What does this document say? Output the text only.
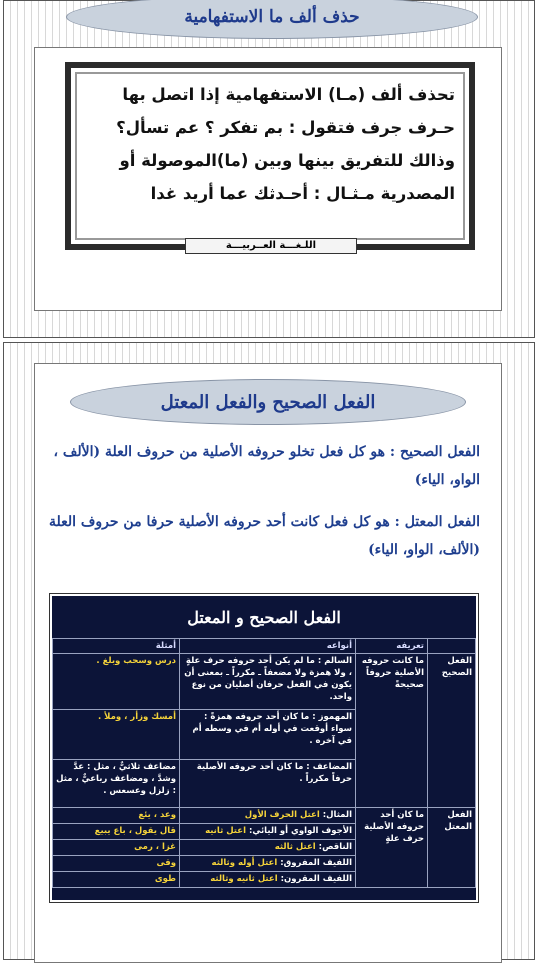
حذف ألف ما الاستفهامية
تحذف ألف (مـا) الاستفهامية إذا اتصل بها
حـرف جرف فتقول : بم تفكر ؟ عم تسأل؟
وذالك للتفريق بينها وبين (ما)الموصولة أو
المصدرية مـثـال : أحـدثك عما أريد غدا
اللـغـــة العــربيـــة
الفعل الصحيح والفعل المعتل
الفعل الصحيح : هو كل فعل تخلو حروفه الأصلية من حروف العلة (الألف ، الواو، الياء)
الفعل المعتل : هو كل فعل كانت أحد حروفه الأصلية حرفا من حروف العلة (الألف، الواو، الياء)
الفعل الصحيح و المعتل
	تعريفه	أنواعه	أمثلة
الفعل الصحيح	ما كانت حروفه الأصلية حروفاً صحيحةً	السالم : ما لم يكن أحد حروفه حرف علةٍ ، ولا همزة ولا مضعفاً ـ مكرراً ـ بمعنى أن يكون في الفعل حرفان أصليان من نوع واحد.	درس وسحب وبلغ .
		المهموز : ما كان أحد حروفه همزةً : سواء أوقعت في أوله أم في وسطه أم في آخره .	أمسك وزأر ، وملأ .
		المضاعف : ما كان أحد حروفه الأصلية حرفاً مكرراً .	مضاعف ثلاثيٌّ ، مثل : عدَّ وشدَّ ، ومضاعف رباعيٌّ ، مثل : زلزل وعسعس .
الفعل المعتل	ما كان أحد حروفه الأصلية حرف علةٍ	المثال: اعتل الحرف الأول	وعد ، يئع
		الأجوف الواوي أو اليائي: اعتل ثانيه	قال يقول ، باع يبيع
		الناقص: اعتل ثالثه	غزا ، رمى
		اللفيف المفروق: اعتل أوله وثالثه	وقى
		اللفيف المقرون: اعتل ثانيه وثالثه	طوى
